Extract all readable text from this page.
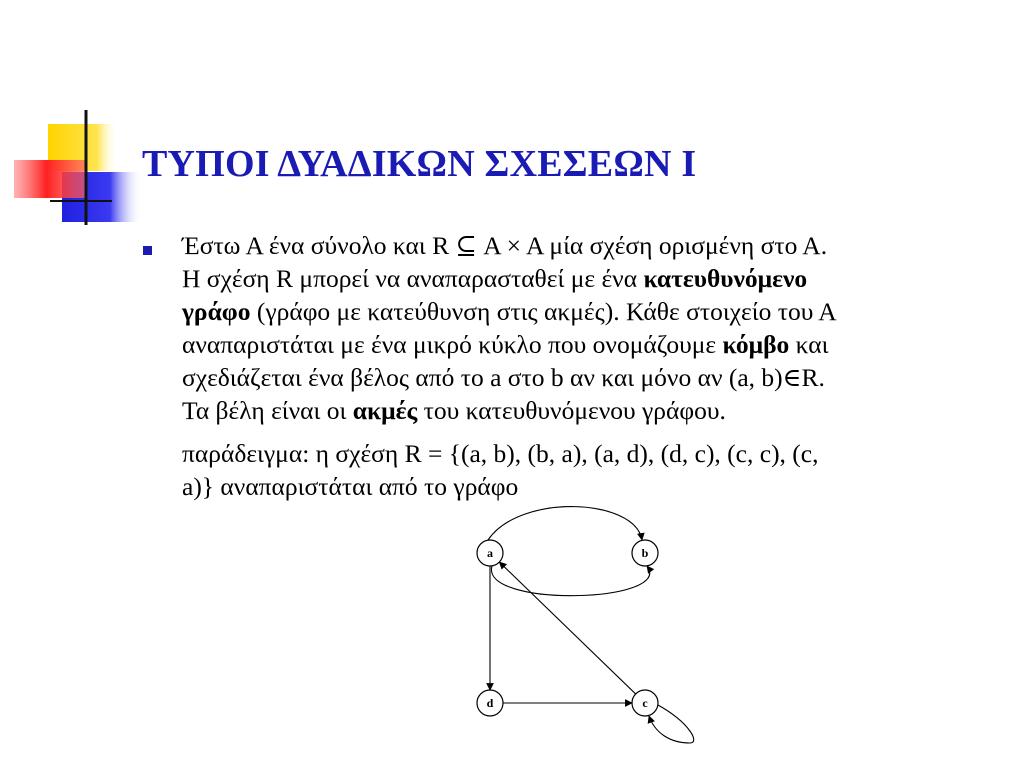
ΤΥΠΟΙ ΔΥΑΔΙΚΩΝ ΣΧΕΣΕΩΝ Ι

Έστω Α ένα σύνολο και R ⊆ Α × Α μία σχέση ορισμένη στο Α.
Η σχέση R μπορεί να αναπαρασταθεί με ένα κατευθυνόμενο
γράφο (γράφο με κατεύθυνση στις ακμές). Κάθε στοιχείο του Α
αναπαριστάται με ένα μικρό κύκλο που ονομάζουμε κόμβο και
σχεδιάζεται ένα βέλος από το a στο b αν και μόνο αν (a, b)∈R.
Τα βέλη είναι οι ακμές του κατευθυνόμενου γράφου.

παράδειγμα: η σχέση R = {(a, b), (b, a), (a, d), (d, c), (c, c), (c,
a)} αναπαριστάται από το γράφο

a	b
d	c
